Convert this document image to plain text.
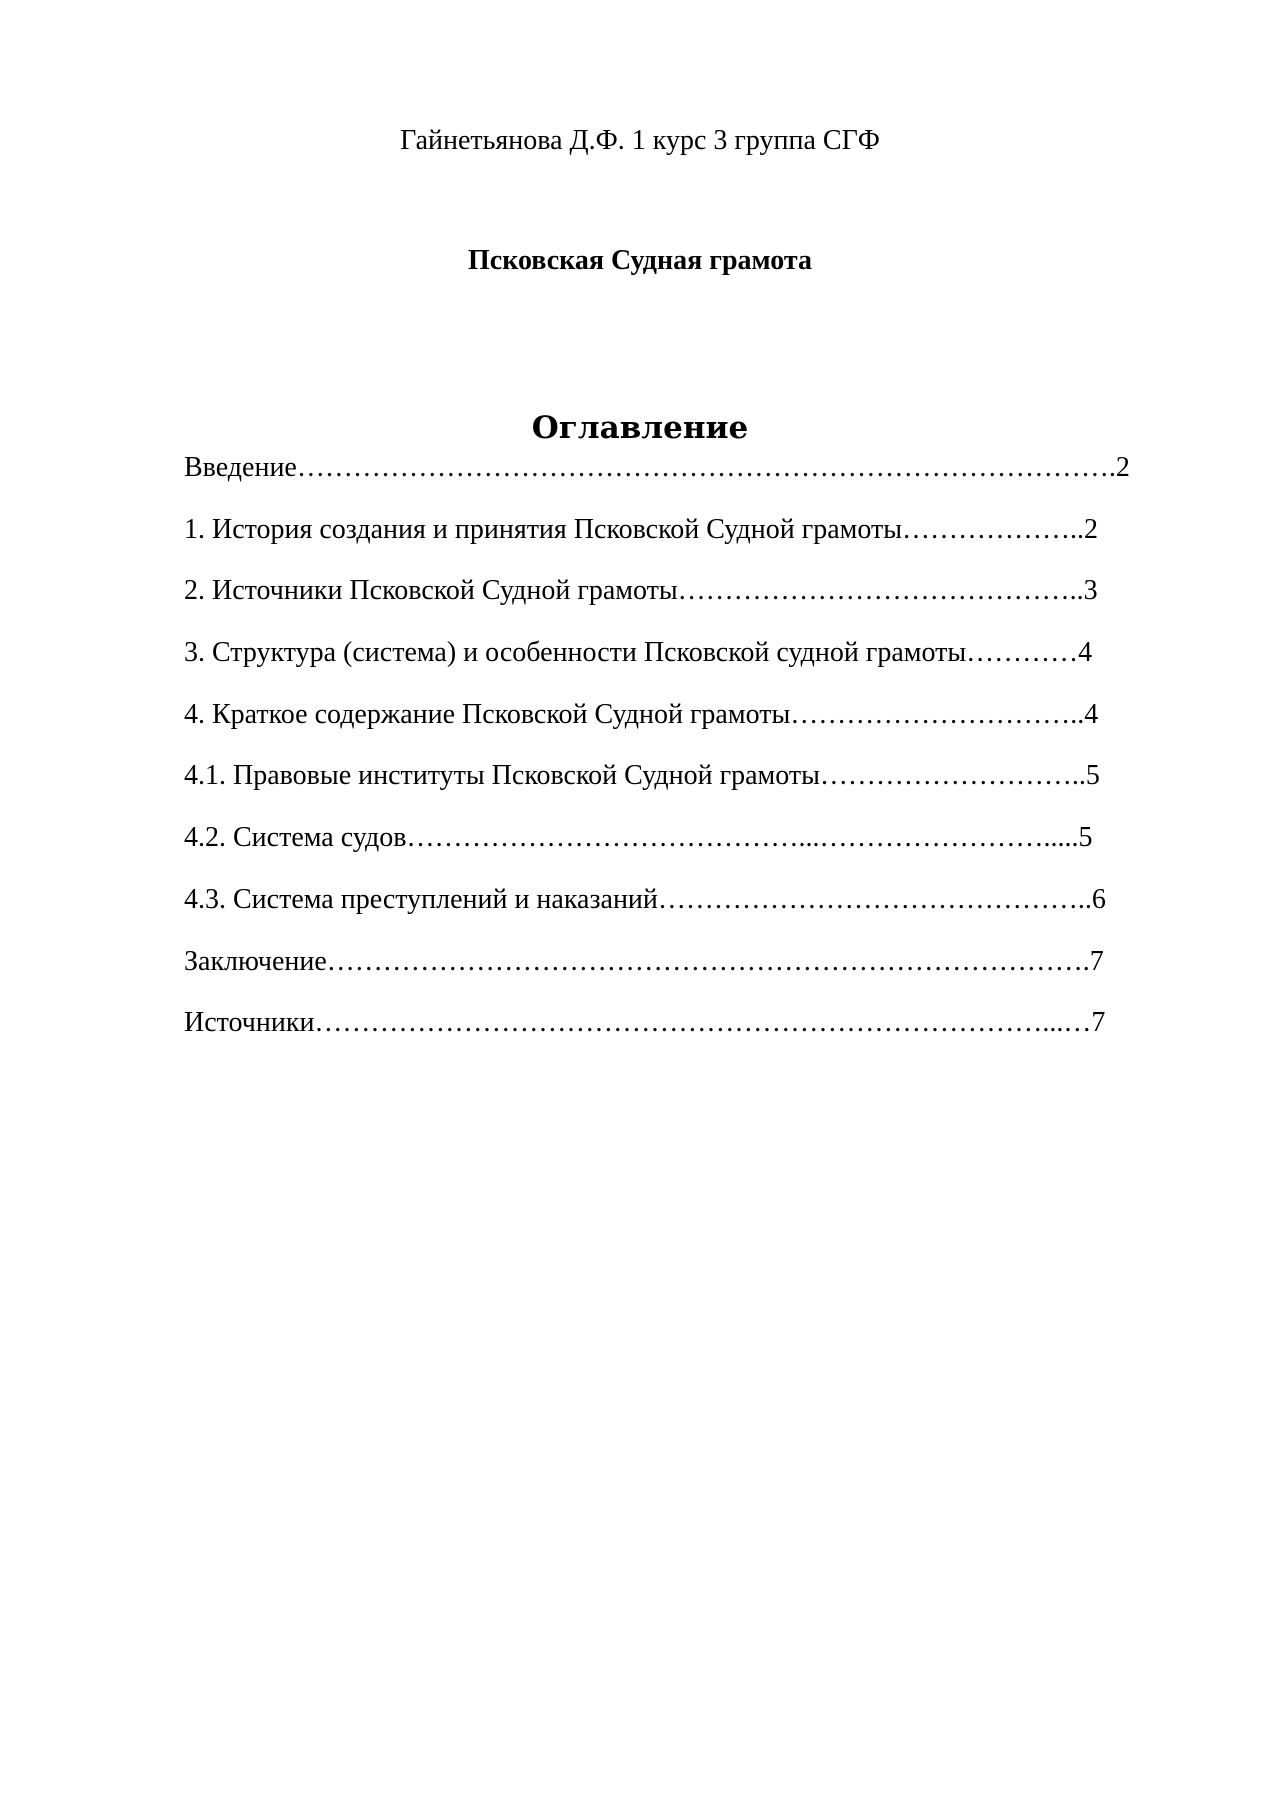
Гайнетьянова Д.Ф. 1 курс 3 группа СГФ
Псковская Судная грамота
Оглавление
Введение…………………………………………………………………………….2
1. История создания и принятия Псковской Судной грамоты………………..2
2. Источники Псковской Судной грамоты……………………………………..3
3. Структура (система) и особенности Псковской судной грамоты…………4
4. Краткое содержание Псковской Судной грамоты…………………………..4
4.1. Правовые институты Псковской Судной грамоты………………………..5
4.2. Система судов……………………………………...…………………….....5
4.3. Система преступлений и наказаний………………………………………..6
Заключение……………………………………………………………………….7
Источники……………………………………………………………………...…7
